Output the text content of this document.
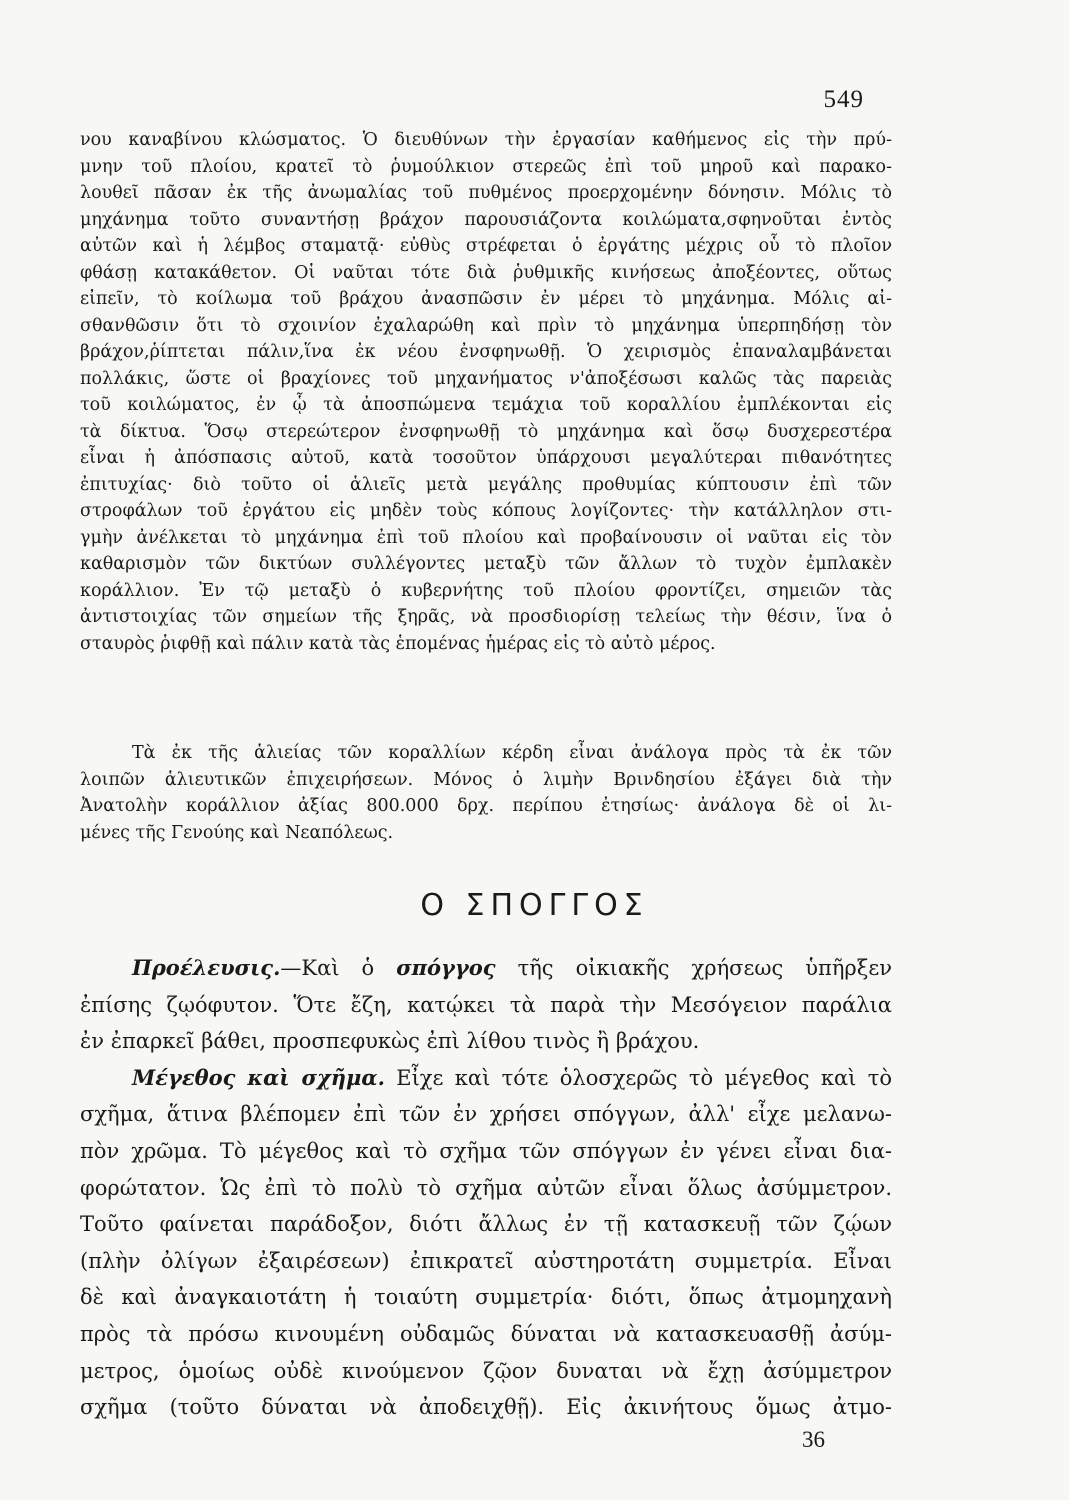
549
νου καναβίνου κλώσματος. Ὁ διευθύνων τὴν ἐργασίαν καθήμενος εἰς τὴν πρύ-
μνην τοῦ πλοίου, κρατεῖ τὸ ῥυμούλκιον στερεῶς ἐπὶ τοῦ μηροῦ καὶ παρακο-
λουθεῖ πᾶσαν ἐκ τῆς ἀνωμαλίας τοῦ πυθμένος προερχομένην δόνησιν. Μόλις τὸ
μηχάνημα τοῦτο συναντήσῃ βράχον παρουσιάζοντα κοιλώματα,σφηνοῦται ἐντὸς
αὐτῶν καὶ ἡ λέμβος σταματᾷ· εὐθὺς στρέφεται ὁ ἐργάτης μέχρις οὗ τὸ πλοῖον
φθάσῃ κατακάθετον. Οἱ ναῦται τότε διὰ ῥυθμικῆς κινήσεως ἀποξέοντες, οὕτως
εἰπεῖν, τὸ κοίλωμα τοῦ βράχου ἀνασπῶσιν ἐν μέρει τὸ μηχάνημα. Μόλις αἰ-
σθανθῶσιν ὅτι τὸ σχοινίον ἐχαλαρώθη καὶ πρὶν τὸ μηχάνημα ὑπερπηδήσῃ τὸν
βράχον,ῥίπτεται πάλιν,ἵνα ἐκ νέου ἐνσφηνωθῇ. Ὁ χειρισμὸς ἐπαναλαμβάνεται
πολλάκις, ὥστε οἱ βραχίονες τοῦ μηχανήματος ν'ἀποξέσωσι καλῶς τὰς παρειὰς
τοῦ κοιλώματος, ἐν ᾧ τὰ ἀποσπώμενα τεμάχια τοῦ κοραλλίου ἐμπλέκονται εἰς
τὰ δίκτυα. Ὅσῳ στερεώτερον ἐνσφηνωθῇ τὸ μηχάνημα καὶ ὅσῳ δυσχερεστέρα
εἶναι ἡ ἀπόσπασις αὐτοῦ, κατὰ τοσοῦτον ὑπάρχουσι μεγαλύτεραι πιθανότητες
ἐπιτυχίας· διὸ τοῦτο οἱ ἁλιεῖς μετὰ μεγάλης προθυμίας κύπτουσιν ἐπὶ τῶν
στροφάλων τοῦ ἐργάτου εἰς μηδὲν τοὺς κόπους λογίζοντες· τὴν κατάλληλον στι-
γμὴν ἀνέλκεται τὸ μηχάνημα ἐπὶ τοῦ πλοίου καὶ προβαίνουσιν οἱ ναῦται εἰς τὸν
καθαρισμὸν τῶν δικτύων συλλέγοντες μεταξὺ τῶν ἄλλων τὸ τυχὸν ἐμπλακὲν
κοράλλιον. Ἐν τῷ μεταξὺ ὁ κυβερνήτης τοῦ πλοίου φροντίζει, σημειῶν τὰς
ἀντιστοιχίας τῶν σημείων τῆς ξηρᾶς, νὰ προσδιορίσῃ τελείως τὴν θέσιν, ἵνα ὁ
σταυρὸς ῥιφθῇ καὶ πάλιν κατὰ τὰς ἑπομένας ἡμέρας εἰς τὸ αὐτὸ μέρος.
Τὰ ἐκ τῆς ἁλιείας τῶν κοραλλίων κέρδη εἶναι ἀνάλογα πρὸς τὰ ἐκ τῶν
λοιπῶν ἁλιευτικῶν ἐπιχειρήσεων. Μόνος ὁ λιμὴν Βρινδησίου ἐξάγει διὰ τὴν
Ἀνατολὴν κοράλλιον ἀξίας 800.000 δρχ. περίπου ἐτησίως· ἀνάλογα δὲ οἱ λι-
μένες τῆς Γενούης καὶ Νεαπόλεως.
Ο ΣΠΟΓΓΟΣ
Προέλευσις.—Καὶ ὁ σπόγγος τῆς οἰκιακῆς χρήσεως ὑπῆρξεν
ἐπίσης ζῳόφυτον. Ὅτε ἔζη, κατῴκει τὰ παρὰ τὴν Μεσόγειον παράλια
ἐν ἐπαρκεῖ βάθει, προσπεφυκὼς ἐπὶ λίθου τινὸς ἢ βράχου.
Μέγεθος καὶ σχῆμα. Εἶχε καὶ τότε ὁλοσχερῶς τὸ μέγεθος καὶ τὸ
σχῆμα, ἅτινα βλέπομεν ἐπὶ τῶν ἐν χρήσει σπόγγων, ἀλλ' εἶχε μελανω-
πὸν χρῶμα. Τὸ μέγεθος καὶ τὸ σχῆμα τῶν σπόγγων ἐν γένει εἶναι δια-
φορώτατον. Ὡς ἐπὶ τὸ πολὺ τὸ σχῆμα αὐτῶν εἶναι ὅλως ἀσύμμετρον.
Τοῦτο φαίνεται παράδοξον, διότι ἄλλως ἐν τῇ κατασκευῇ τῶν ζῴων
(πλὴν ὀλίγων ἐξαιρέσεων) ἐπικρατεῖ αὐστηροτάτη συμμετρία. Εἶναι
δὲ καὶ ἀναγκαιοτάτη ἡ τοιαύτη συμμετρία· διότι, ὅπως ἀτμομηχανὴ
πρὸς τὰ πρόσω κινουμένη οὐδαμῶς δύναται νὰ κατασκευασθῇ ἀσύμ-
μετρος, ὁμοίως οὐδὲ κινούμενον ζῷον δυναται νὰ ἔχῃ ἀσύμμετρον
σχῆμα (τοῦτο δύναται νὰ ἀποδειχθῇ). Εἰς ἀκινήτους ὅμως ἀτμο-
36
